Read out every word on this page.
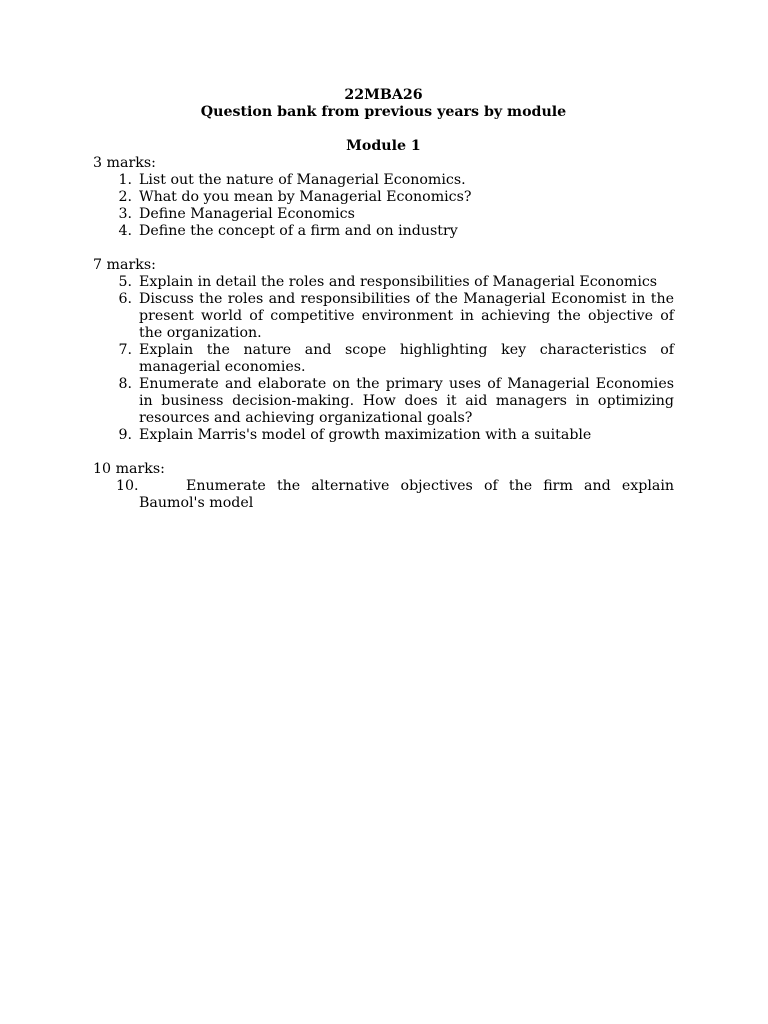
22MBA26
Question bank from previous years by module
Module 1
3 marks:
1. List out the nature of Managerial Economics.
2. What do you mean by Managerial Economics?
3. Define Managerial Economics
4. Define the concept of a firm and on industry
7 marks:
5. Explain in detail the roles and responsibilities of Managerial Economics
6. Discuss the roles and responsibilities of the Managerial Economist in the present world of competitive environment in achieving the objective of the organization.
7. Explain the nature and scope highlighting key characteristics of managerial economies.
8. Enumerate and elaborate on the primary uses of Managerial Economies in business decision-making. How does it aid managers in optimizing resources and achieving organizational goals?
9. Explain Marris's model of growth maximization with a suitable
10 marks:
10.	Enumerate the alternative objectives of the firm and explain Baumol's model
